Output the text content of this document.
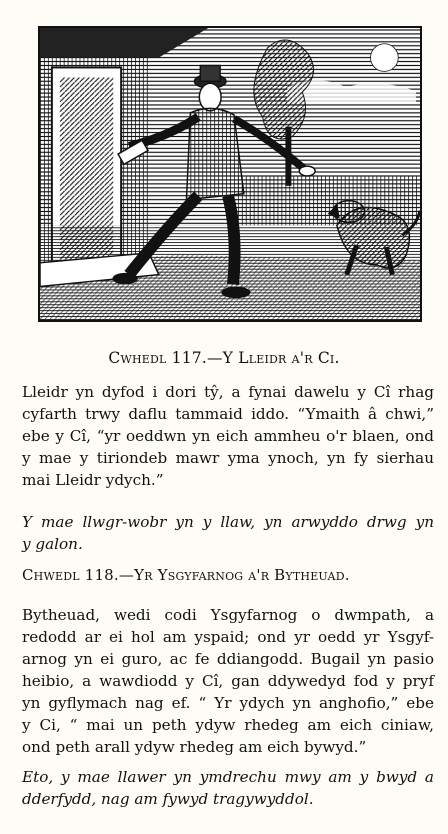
Cwhedl 117.—Y Lleidr a'r Ci.
Lleidr yn dyfod i dori tŷ, a fynai dawelu y Cî rhag
cyfarth trwy daflu tammaid iddo. “Ymaith â chwi,”
ebe y Cî, “yr oeddwn yn eich ammheu o'r blaen, ond
y mae y tiriondeb mawr yma ynoch, yn fy sierhau
mai Lleidr ydych.”
Y mae llwgr-wobr yn y llaw, yn arwyddo drwg yn
y galon.
Chwedl 118.—Yr Ysgyfarnog a'r Bytheuad.
Bytheuad, wedi codi Ysgyfarnog o dwmpath, a
redodd ar ei hol am yspaid; ond yr oedd yr Ysgyf-
arnog yn ei guro, ac fe ddiangodd. Bugail yn pasio
heibio, a wawdiodd y Cî, gan ddywedyd fod y pryf
yn gyflymach nag ef. “ Yr ydych yn anghofio,” ebe
y Ci, “ mai un peth ydyw rhedeg am eich ciniaw,
ond peth arall ydyw rhedeg am eich bywyd.”
Eto, y mae llawer yn ymdrechu mwy am y bwyd a
dderfydd, nag am fywyd tragywyddol.
